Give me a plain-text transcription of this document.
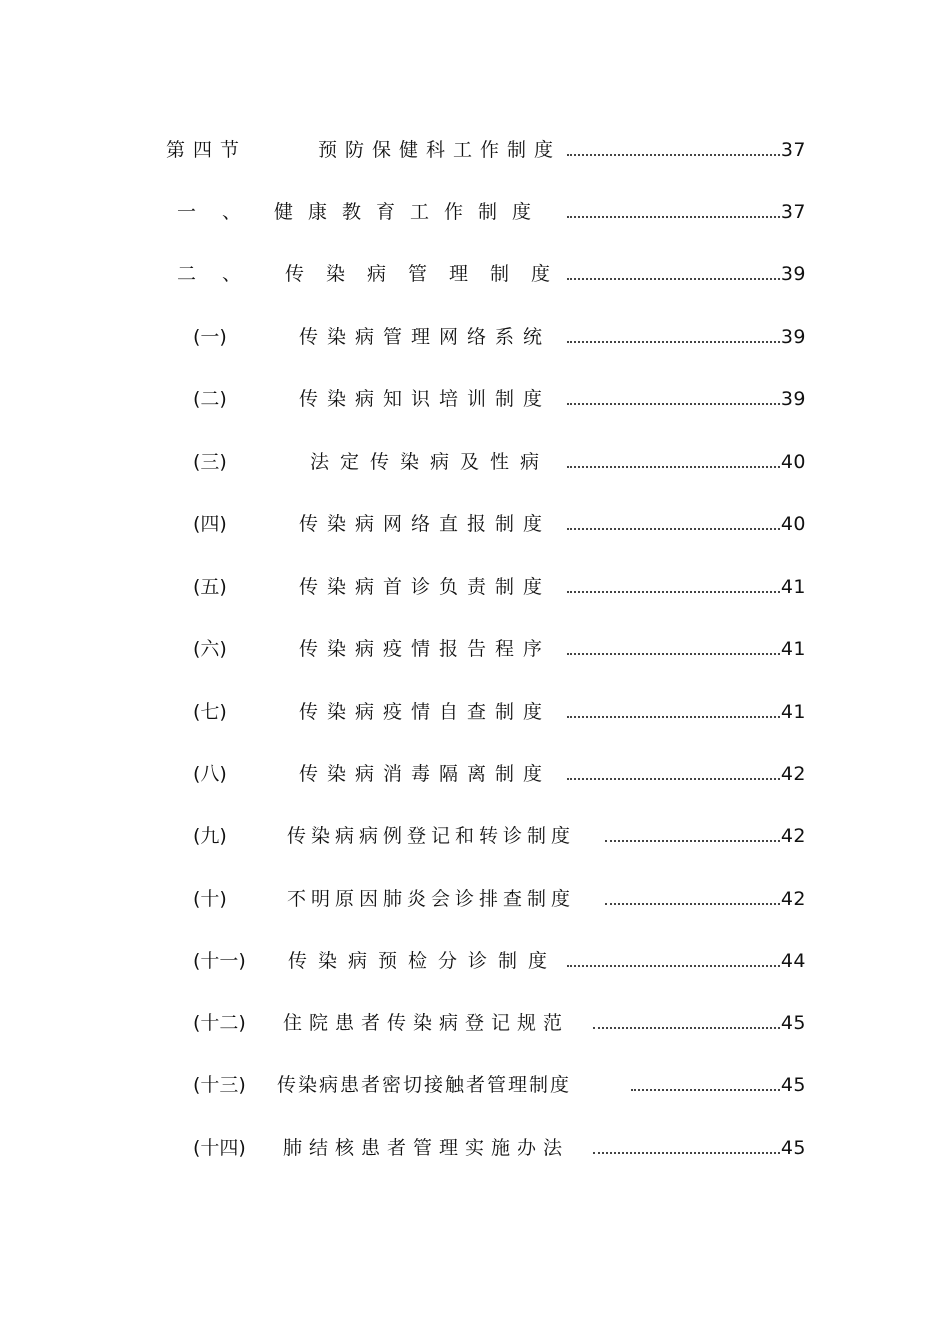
第四节	预防保健科工作制度	37
一、 健康教育工作制度	37
二、 传染病管理制度	39
(一)	传染病管理网络系统	39
(二)	传染病知识培训制度	39
(三)	法定传染病及性病	40
(四)	传染病网络直报制度	40
(五)	传染病首诊负责制度	41
(六)	传染病疫情报告程序	41
(七)	传染病疫情自查制度	41
(八)	传染病消毒隔离制度	42
(九)	传染病病例登记和转诊制度	42
(十)	不明原因肺炎会诊排查制度	42
(十一) 传染病预检分诊制度	44
(十二) 住院患者传染病登记规范	45
(十三) 传染病患者密切接触者管理制度	45
(十四) 肺结核患者管理实施办法	45
